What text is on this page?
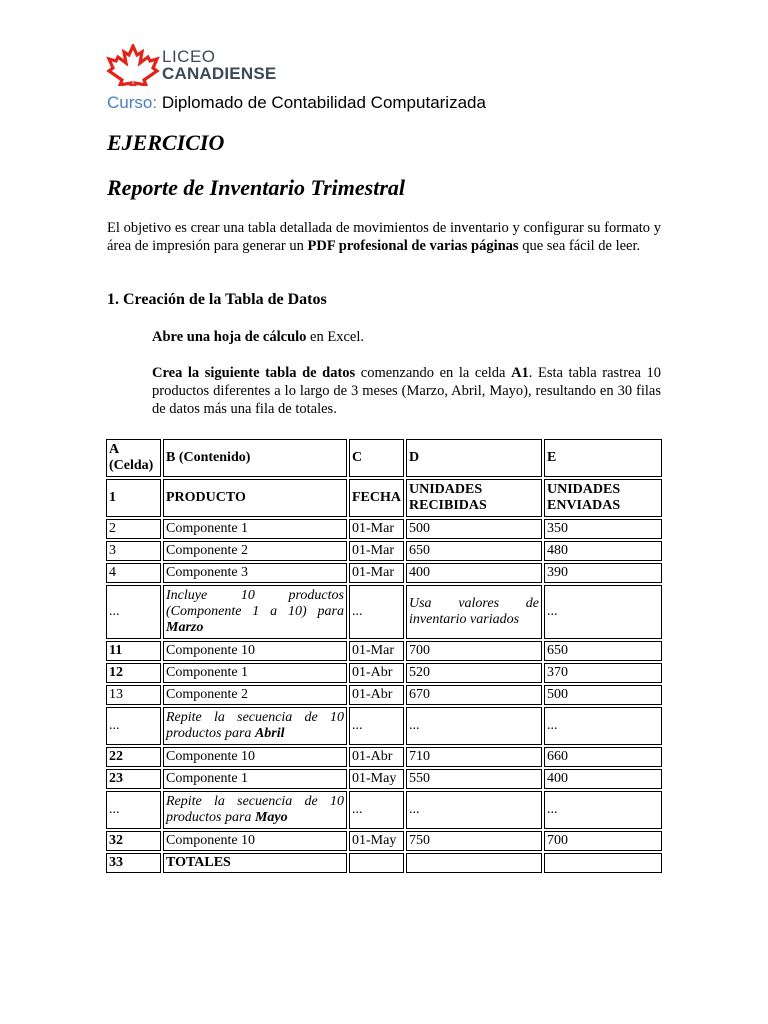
LICEO
CANADIENSE
Curso: Diplomado de Contabilidad Computarizada
EJERCICIO
Reporte de Inventario Trimestral

El objetivo es crear una tabla detallada de movimientos de inventario y configurar su formato y área de impresión para generar un PDF profesional de varias páginas que sea fácil de leer.

1. Creación de la Tabla de Datos

Abre una hoja de cálculo en Excel.

Crea la siguiente tabla de datos comenzando en la celda A1. Esta tabla rastrea 10 productos diferentes a lo largo de 3 meses (Marzo, Abril, Mayo), resultando en 30 filas de datos más una fila de totales.

A (Celda)	B (Contenido)	C	D	E
1	PRODUCTO	FECHA	UNIDADES RECIBIDAS	UNIDADES ENVIADAS
2	Componente 1	01-Mar	500	350
3	Componente 2	01-Mar	650	480
4	Componente 3	01-Mar	400	390
...	Incluye 10 productos (Componente 1 a 10) para Marzo	...	Usa valores de inventario variados	...
11	Componente 10	01-Mar	700	650
12	Componente 1	01-Abr	520	370
13	Componente 2	01-Abr	670	500
...	Repite la secuencia de 10 productos para Abril	...	...	...
22	Componente 10	01-Abr	710	660
23	Componente 1	01-May	550	400
...	Repite la secuencia de 10 productos para Mayo	...	...	...
32	Componente 10	01-May	750	700
33	TOTALES			
